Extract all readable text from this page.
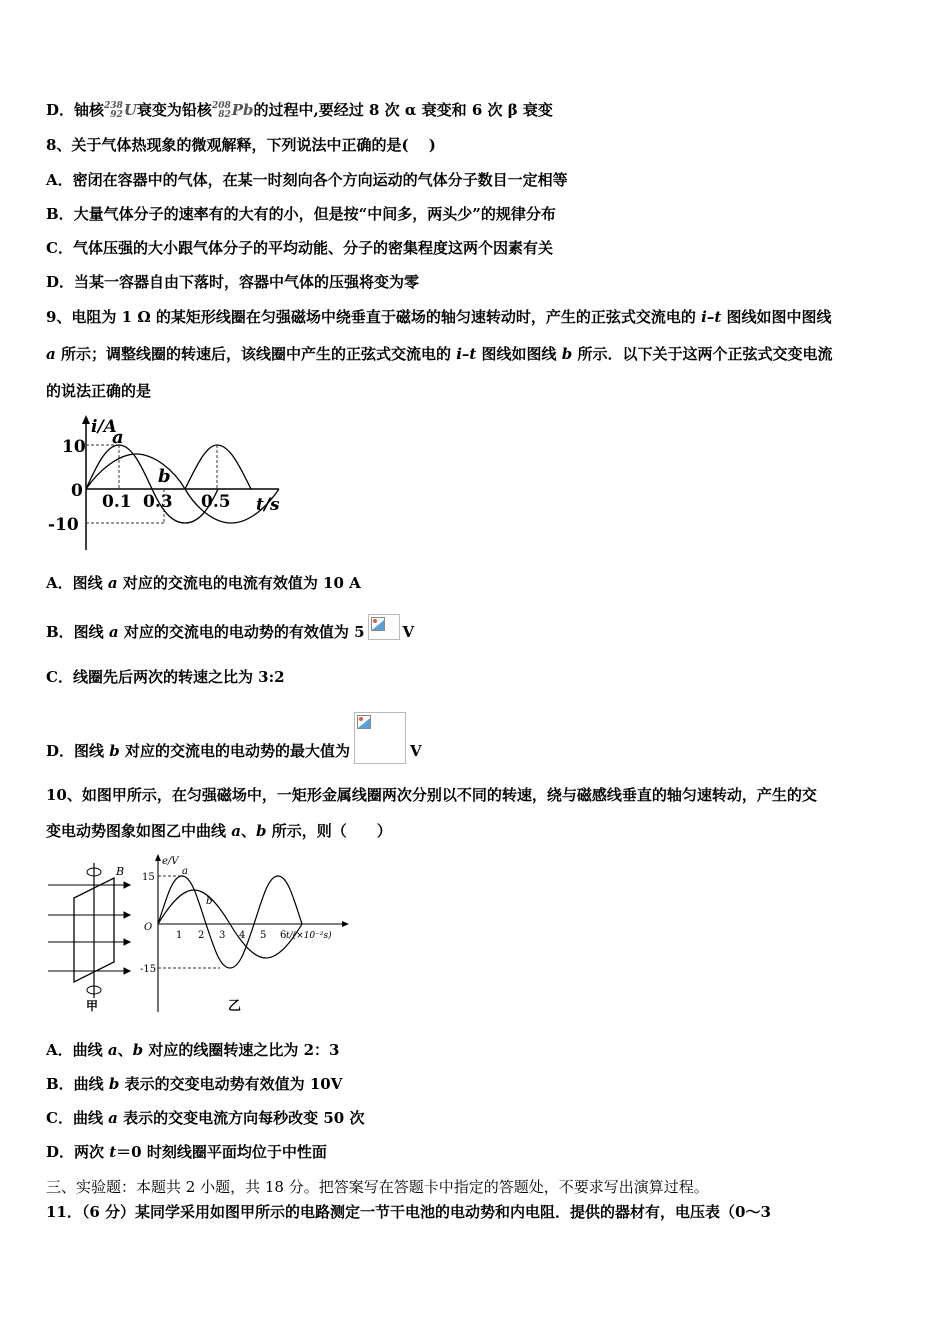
D．铀核 238
92 U衰变为铅核 208
82 Pb的过程中,要经过 8 次 α 衰变和 6 次 β 衰变
8、关于气体热现象的微观解释，下列说法中正确的是(　 )
A．密闭在容器中的气体，在某一时刻向各个方向运动的气体分子数目一定相等
B．大量气体分子的速率有的大有的小，但是按“中间多，两头少”的规律分布
C．气体压强的大小跟气体分子的平均动能、分子的密集程度这两个因素有关
D．当某一容器自由下落时，容器中气体的压强将变为零
9、电阻为 1 Ω 的某矩形线圈在匀强磁场中绕垂直于磁场的轴匀速转动时，产生的正弦式交流电的 i–t 图线如图中图线
a 所示；调整线圈的转速后，该线圈中产生的正弦式交流电的 i–t 图线如图线 b 所示．以下关于这两个正弦式交变电流
的说法正确的是
i/A
10
0
-10
0.1 0.3 0.5 t/s
a
b
A．图线 a 对应的交流电的电流有效值为 10 A
B．图线 a 对应的交流电的电动势的有效值为 5	V
C．线圈先后两次的转速之比为 3:2
D．图线 b 对应的交流电的电动势的最大值为	V
10、如图甲所示，在匀强磁场中，一矩形金属线圈两次分别以不同的转速，绕与磁感线垂直的轴匀速转动，产生的交
变电动势图象如图乙中曲线 a、b 所示，则（　　）
B
甲
e/V
15
-15
O
1 2 3 4 5 6 t/(×10⁻²s)
a
b
乙
A．曲线 a、b 对应的线圈转速之比为 2：3
B．曲线 b 表示的交变电动势有效值为 10V
C．曲线 a 表示的交变电流方向每秒改变 50 次
D．两次 t＝0 时刻线圈平面均位于中性面
三、实验题：本题共 2 小题，共 18 分。把答案写在答题卡中指定的答题处，不要求写出演算过程。
11．（6 分）某同学采用如图甲所示的电路测定一节干电池的电动势和内电阻．提供的器材有，电压表（0～3
